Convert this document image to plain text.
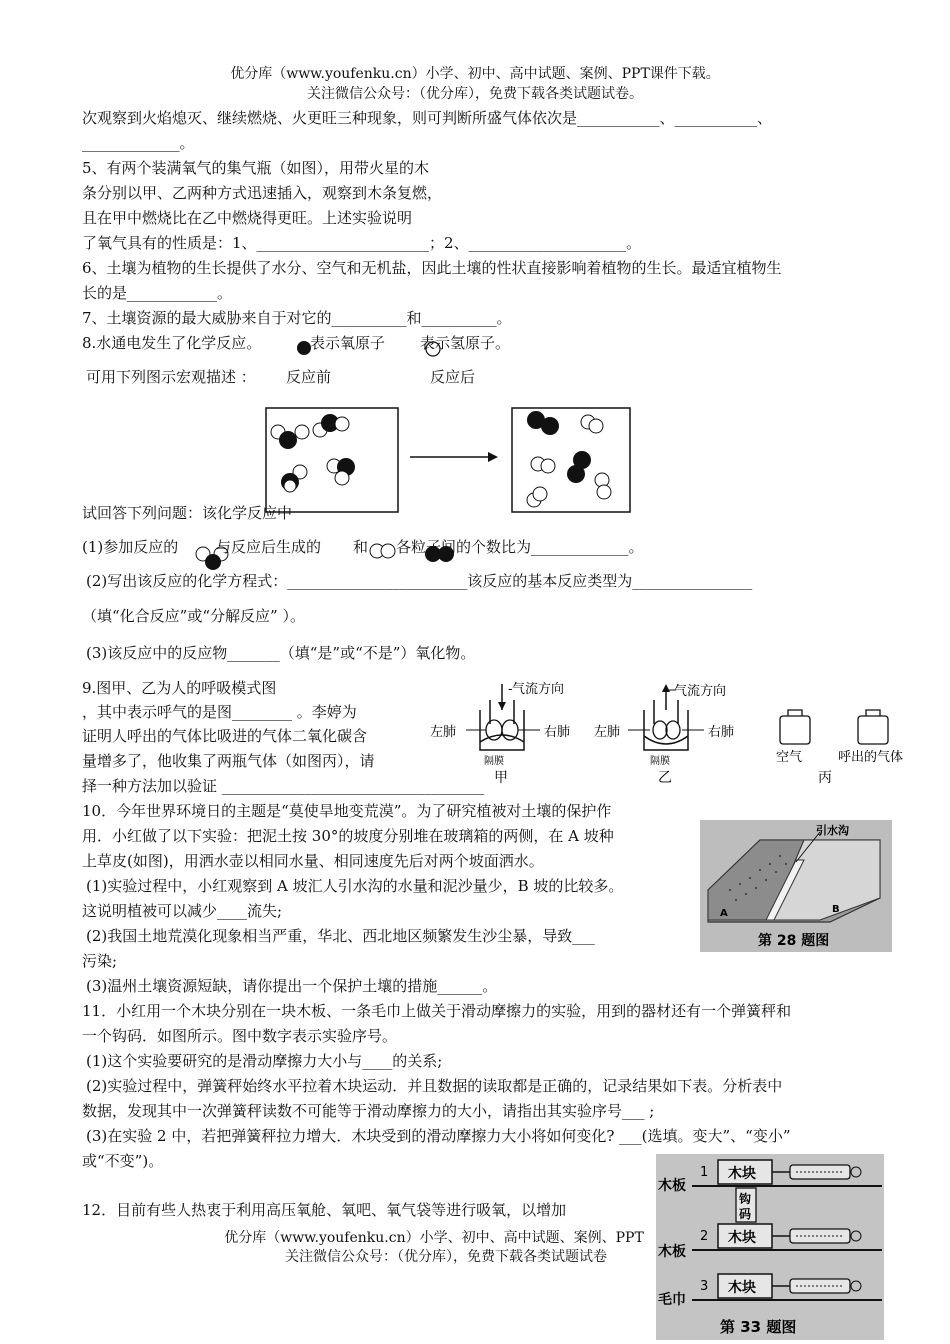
优分库（www.youfenku.cn）小学、初中、高中试题、案例、PPT课件下载。
关注微信公众号：（优分库），免费下载各类试题试卷。
次观察到火焰熄灭、继续燃烧、火更旺三种现象，则可判断所盛气体依次是___________、___________、
_____________。
5、有两个装满氧气的集气瓶（如图），用带火星的木
条分别以甲、乙两种方式迅速插入，观察到木条复燃，
且在甲中燃烧比在乙中燃烧得更旺。上述实验说明
了氧气具有的性质是：1、_______________________；2、_____________________。
6、土壤为植物的生长提供了水分、空气和无机盐，因此土壤的性状直接影响着植物的生长。最适宜植物生
长的是____________。
7、土壤资源的最大威胁来自于对它的__________和__________。
8.水通电发生了化学反应。	表示氧原子 表示氢原子。
可用下列图示宏观描述 ： 反应前	反应后
试回答下列问题：该化学反应中
(1)参加反应的	与反应后生成的 和 各粒子间的个数比为_____________。
(2)写出该反应的化学方程式：________________________该反应的基本反应类型为________________
（填“化合反应”或“分解反应” ）。
(3)该反应中的反应物_______（填“是”或“不是”）氧化物。
9.图甲、乙为人的呼吸模式图
，其中表示呼气的是图________ 。李婷为
证明人呼出的气体比吸进的气体二氧化碳含
量增多了，他收集了两瓶气体（如图丙），请
择一种方法加以验证 ___________________________________
气流方向
-
左肺	右肺
隔膜
甲
气流方向
左肺	右肺
隔膜
乙
空气	呼出的气体
丙
10．今年世界环境日的主题是“莫使旱地变荒漠”。为了研究植被对土壤的保护作
用．小红做了以下实验：把泥土按 30°的坡度分别堆在玻璃箱的两侧，在 A 坡种
上草皮(如图)，用洒水壶以相同水量、相同速度先后对两个坡面洒水。
(1)实验过程中，小红观察到 A 坡汇人引水沟的水量和泥沙量少，B 坡的比较多。
这说明植被可以减少____流失;
(2)我国土地荒漠化现象相当严重，华北、西北地区频繁发生沙尘暴，导致___
污染;
(3)温州土壤资源短缺，请你提出一个保护土壤的措施______。
引水沟
A	B
第 28 题图
11．小红用一个木块分别在一块木板、一条毛巾上做关于滑动摩擦力的实验，用到的器材还有一个弹簧秤和
一个钩码．如图所示。图中数字表示实验序号。
(1)这个实验要研究的是滑动摩擦力大小与____的关系;
(2)实验过程中，弹簧秤始终水平拉着木块运动．并且数据的读取都是正确的，记录结果如下表。分析表中
数据，发现其中一次弹簧秤读数不可能等于滑动摩擦力的大小，请指出其实验序号___ ;
(3)在实验 2 中，若把弹簧秤拉力增大．木块受到的滑动摩擦力大小将如何变化? ___(选填。变大”、“变小”
或“不变”)。
12．目前有些人热衷于利用高压氧舱、氧吧、氧气袋等进行吸氧，以增加
优分库（www.youfenku.cn）小学、初中、高中试题、案例、PPT
关注微信公众号：（优分库），免费下载各类试题试卷
木板
1 木块
钩
码
木板
2 木块
毛巾
3 木块
第 33 题图
